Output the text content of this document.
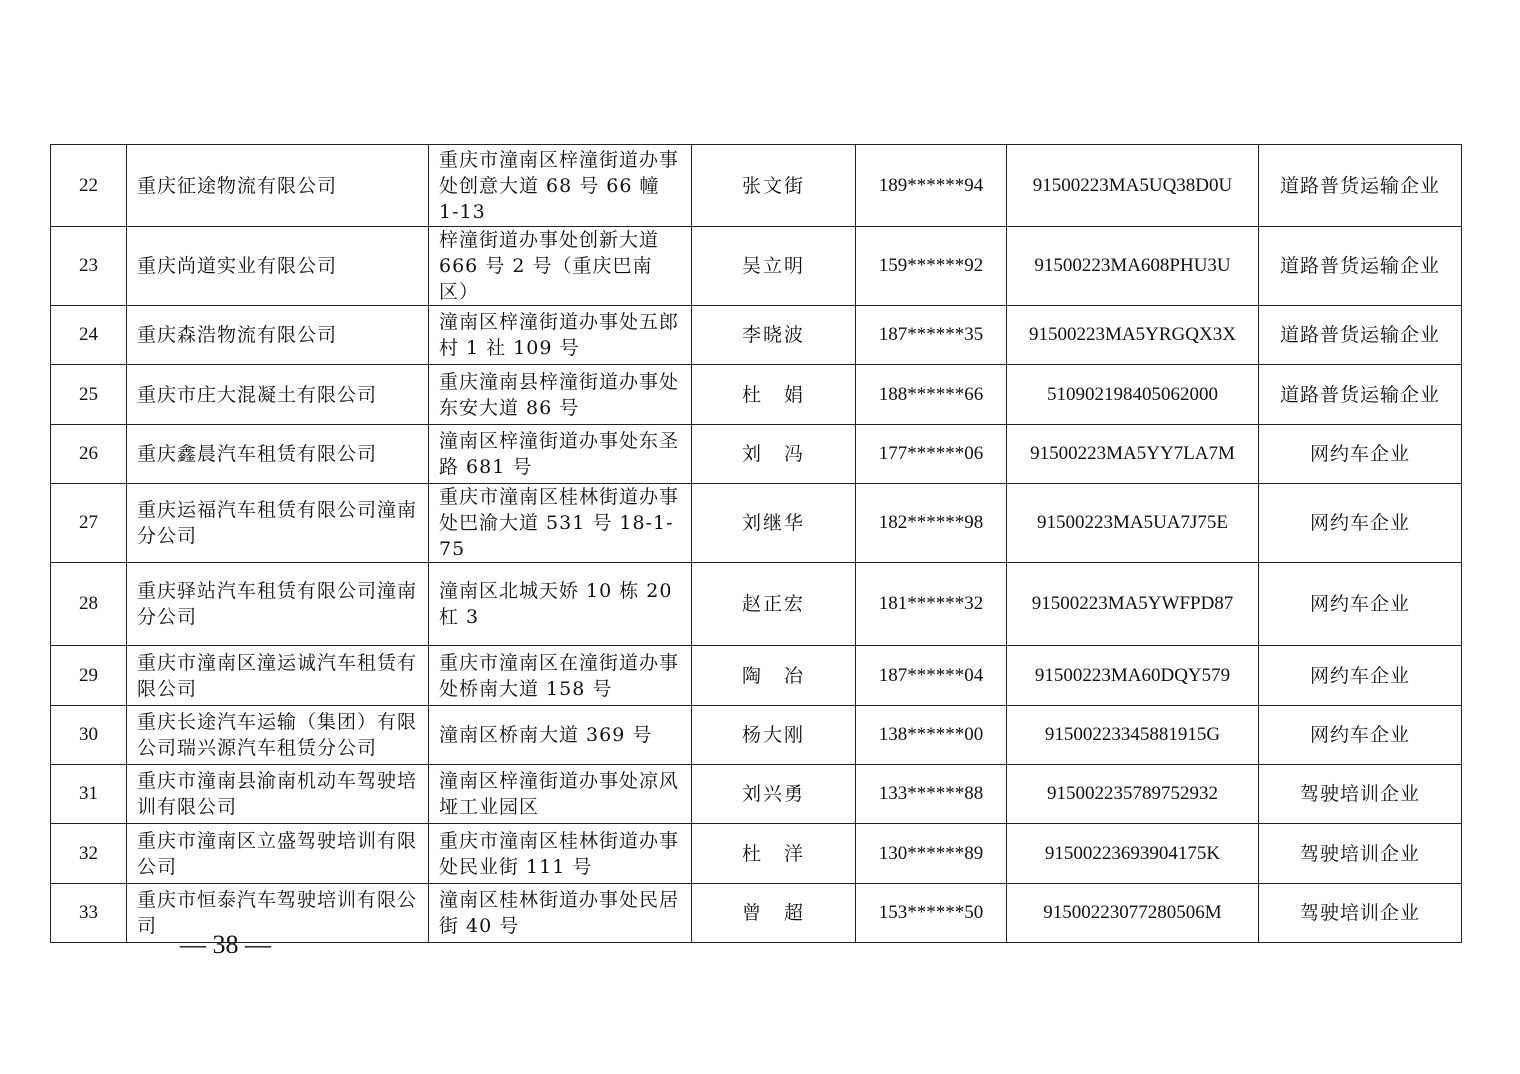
22	重庆征途物流有限公司	重庆市潼南区梓潼街道办事处创意大道 68 号 66 幢 1-13	张文街	189******94	91500223MA5UQ38D0U	道路普货运输企业
23	重庆尚道实业有限公司	梓潼街道办事处创新大道 666 号 2 号（重庆巴南区）	吴立明	159******92	91500223MA608PHU3U	道路普货运输企业
24	重庆森浩物流有限公司	潼南区梓潼街道办事处五郎村 1 社 109 号	李晓波	187******35	91500223MA5YRGQX3X	道路普货运输企业
25	重庆市庄大混凝土有限公司	重庆潼南县梓潼街道办事处东安大道 86 号	杜　娟	188******66	510902198405062000	道路普货运输企业
26	重庆鑫晨汽车租赁有限公司	潼南区梓潼街道办事处东圣路 681 号	刘　冯	177******06	91500223MA5YY7LA7M	网约车企业
27	重庆运福汽车租赁有限公司潼南分公司	重庆市潼南区桂林街道办事处巴渝大道 531 号 18-1-75	刘继华	182******98	91500223MA5UA7J75E	网约车企业
28	重庆驿站汽车租赁有限公司潼南分公司	潼南区北城天娇 10 栋 20 杠 3	赵正宏	181******32	91500223MA5YWFPD87	网约车企业
29	重庆市潼南区潼运诚汽车租赁有限公司	重庆市潼南区在潼街道办事处桥南大道 158 号	陶　冶	187******04	91500223MA60DQY579	网约车企业
30	重庆长途汽车运输（集团）有限公司瑞兴源汽车租赁分公司	潼南区桥南大道 369 号	杨大刚	138******00	91500223345881915G	网约车企业
31	重庆市潼南县渝南机动车驾驶培训有限公司	潼南区梓潼街道办事处凉风垭工业园区	刘兴勇	133******88	915002235789752932	驾驶培训企业
32	重庆市潼南区立盛驾驶培训有限公司	重庆市潼南区桂林街道办事处民业街 111 号	杜　洋	130******89	91500223693904175K	驾驶培训企业
33	重庆市恒泰汽车驾驶培训有限公司	潼南区桂林街道办事处民居街 40 号	曾　超	153******50	91500223077280506M	驾驶培训企业
— 38 —
